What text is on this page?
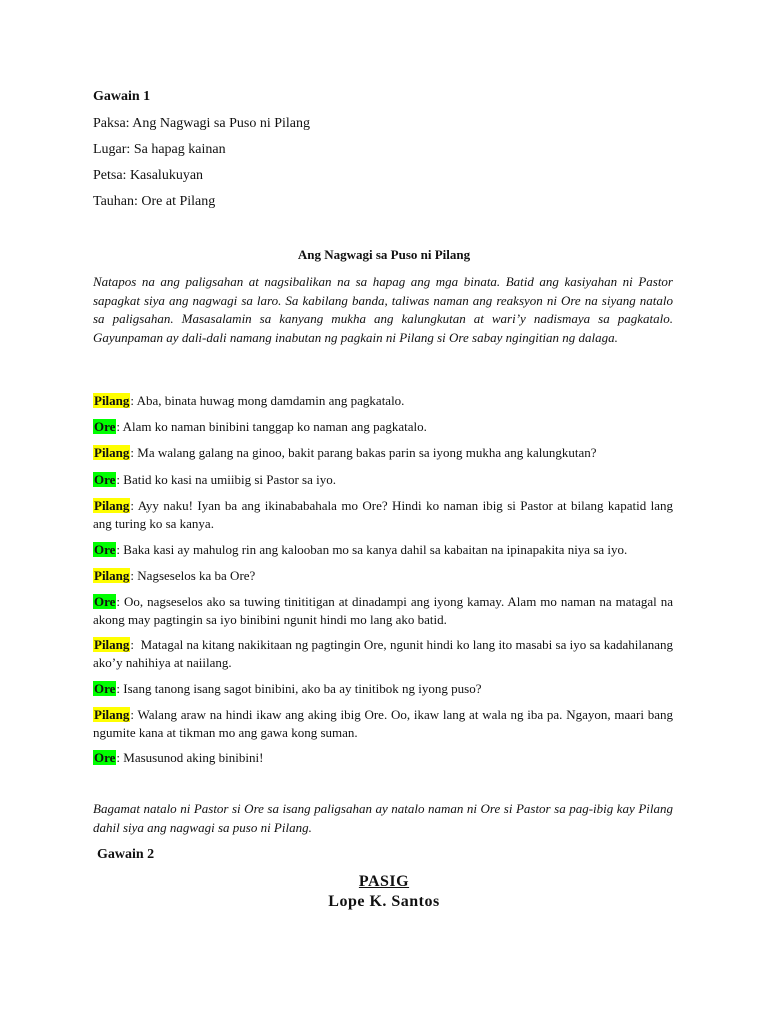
Gawain 1
Paksa: Ang Nagwagi sa Puso ni Pilang
Lugar: Sa hapag kainan
Petsa: Kasalukuyan
Tauhan: Ore at Pilang
Ang Nagwagi sa Puso ni Pilang
Natapos na ang paligsahan at nagsibalikan na sa hapag ang mga binata. Batid ang kasiyahan ni Pastor sapagkat siya ang nagwagi sa laro. Sa kabilang banda, taliwas naman ang reaksyon ni Ore na siyang natalo sa paligsahan. Masasalamin sa kanyang mukha ang kalungkutan at wari’y nadismaya sa pagkatalo. Gayunpaman ay dali-dali namang inabutan ng pagkain ni Pilang si Ore sabay ngingitian ng dalaga.
Pilang: Aba, binata huwag mong damdamin ang pagkatalo.
Ore: Alam ko naman binibini tanggap ko naman ang pagkatalo.
Pilang: Ma walang galang na ginoo, bakit parang bakas parin sa iyong mukha ang kalungkutan?
Ore: Batid ko kasi na umiibig si Pastor sa iyo.
Pilang: Ayy naku! Iyan ba ang ikinababahala mo Ore? Hindi ko naman ibig si Pastor at bilang kapatid lang ang turing ko sa kanya.
Ore: Baka kasi ay mahulog rin ang kalooban mo sa kanya dahil sa kabaitan na ipinapakita niya sa iyo.
Pilang: Nagseselos ka ba Ore?
Ore: Oo, nagseselos ako sa tuwing tinititigan at dinadampi ang iyong kamay. Alam mo naman na matagal na akong may pagtingin sa iyo binibini ngunit hindi mo lang ako batid.
Pilang:  Matagal na kitang nakikitaan ng pagtingin Ore, ngunit hindi ko lang ito masabi sa iyo sa kadahilanang ako’y nahihiya at naiilang.
Ore: Isang tanong isang sagot binibini, ako ba ay tinitibok ng iyong puso?
Pilang: Walang araw na hindi ikaw ang aking ibig Ore. Oo, ikaw lang at wala ng iba pa. Ngayon, maari bang ngumite kana at tikman mo ang gawa kong suman.
Ore: Masusunod aking binibini!
Bagamat natalo ni Pastor si Ore sa isang paligsahan ay natalo naman ni Ore si Pastor sa pag-ibig kay Pilang dahil siya ang nagwagi sa puso ni Pilang.
Gawain 2
PASIG
Lope K. Santos
